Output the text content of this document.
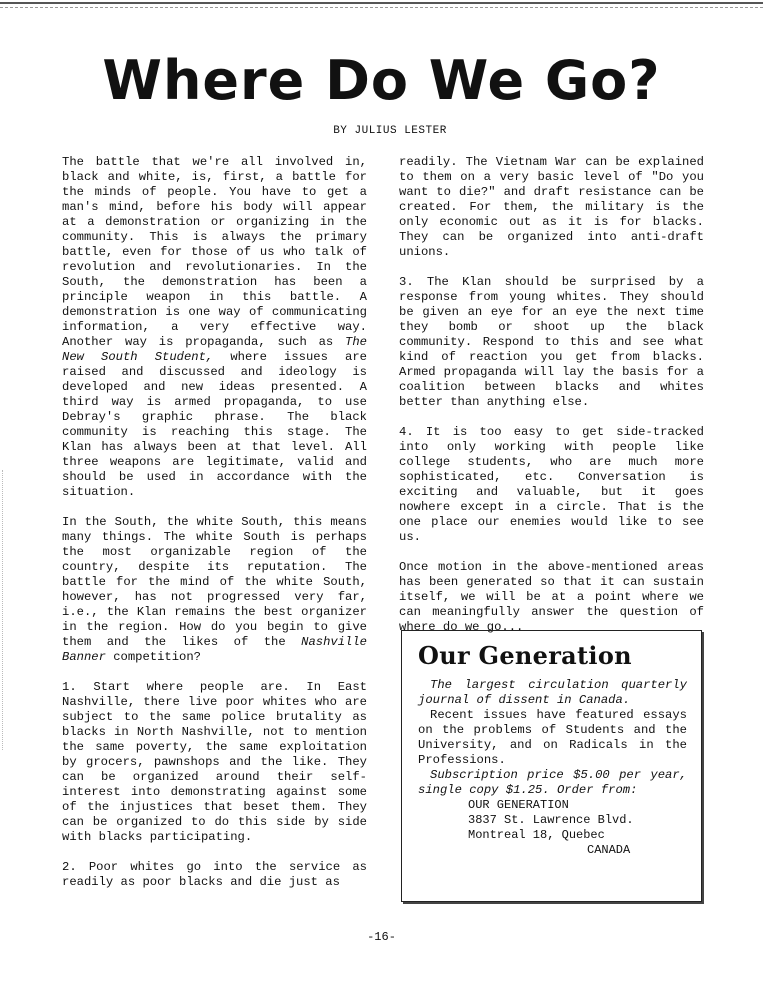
Where Do We Go?
BY JULIUS LESTER

The battle that we're all involved in, black and white, is, first, a battle for the minds of people. You have to get a man's mind, before his body will appear at a demonstration or organizing in the community. This is always the primary battle, even for those of us who talk of revolution and revolutionaries. In the South, the demonstration has been a principle weapon in this battle. A demonstration is one way of communicating information, a very effective way. Another way is propaganda, such as The New South Student, where issues are raised and discussed and ideology is developed and new ideas presented. A third way is armed propaganda, to use Debray's graphic phrase. The black community is reaching this stage. The Klan has always been at that level. All three weapons are legitimate, valid and should be used in accordance with the situation.

In the South, the white South, this means many things. The white South is perhaps the most organizable region of the country, despite its reputation. The battle for the mind of the white South, however, has not progressed very far, i.e., the Klan remains the best organizer in the region. How do you begin to give them and the likes of the Nashville Banner competition?

1. Start where people are. In East Nashville, there live poor whites who are subject to the same police brutality as blacks in North Nashville, not to mention the same poverty, the same exploitation by grocers, pawnshops and the like. They can be organized around their self-interest into demonstrating against some of the injustices that beset them. They can be organized to do this side by side with blacks participating.

2. Poor whites go into the service as readily as poor blacks and die just as

readily. The Vietnam War can be explained to them on a very basic level of "Do you want to die?" and draft resistance can be created. For them, the military is the only economic out as it is for blacks. They can be organized into anti-draft unions.

3. The Klan should be surprised by a response from young whites. They should be given an eye for an eye the next time they bomb or shoot up the black community. Respond to this and see what kind of reaction you get from blacks. Armed propaganda will lay the basis for a coalition between blacks and whites better than anything else.

4. It is too easy to get side-tracked into only working with people like college students, who are much more sophisticated, etc. Conversation is exciting and valuable, but it goes nowhere except in a circle. That is the one place our enemies would like to see us.

Once motion in the above-mentioned areas has been generated so that it can sustain itself, we will be at a point where we can meaningfully answer the question of where do we go...

Our Generation

The largest circulation quarterly journal of dissent in Canada.

Recent issues have featured essays on the problems of Students and the University, and on Radicals in the Professions.

Subscription price $5.00 per year, single copy $1.25. Order from:

OUR GENERATION
3837 St. Lawrence Blvd.
Montreal 18, Quebec
CANADA
-16-
